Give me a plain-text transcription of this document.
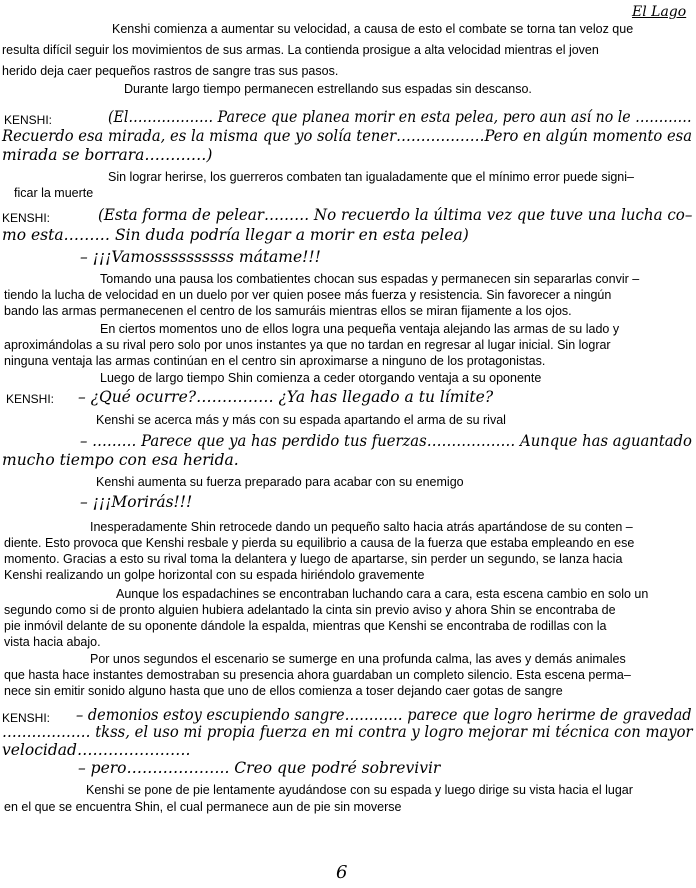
El Lago
Kenshi comienza a aumentar su velocidad, a causa de esto el combate se torna tan veloz que
resulta difícil seguir los movimientos de sus armas. La contienda prosigue a alta velocidad mientras el joven
herido deja caer pequeños rastros de sangre tras sus pasos.
Durante largo tiempo permanecen estrellando sus espadas sin descanso.
KENSHI:	(El……………… Parece que planea morir en esta pelea, pero aun así no le …………
Recuerdo esa mirada, es la misma que yo solía tener………………Pero en algún momento esa
mirada se borrara…………)
Sin lograr herirse, los guerreros combaten tan igualadamente que el mínimo error puede signi–
ficar la muerte
KENSHI:	(Esta forma de pelear……… No recuerdo la última vez que tuve una lucha co–
mo esta……… Sin duda podría llegar a morir en esta pelea)
– ¡¡¡Vamossssssssss mátame!!!
Tomando una pausa los combatientes chocan sus espadas y permanecen sin separarlas convir –
tiendo la lucha de velocidad en un duelo por ver quien posee más fuerza y resistencia. Sin favorecer a ningún
bando las armas permanecenen el centro de los samuráis mientras ellos se miran fijamente a los ojos.
En ciertos momentos uno de ellos logra una pequeña ventaja alejando las armas de su lado y
aproximándolas a su rival pero solo por unos instantes ya que no tardan en regresar al lugar inicial. Sin lograr
ninguna ventaja las armas continúan en el centro sin aproximarse a ninguno de los protagonistas.
Luego de largo tiempo Shin comienza a ceder otorgando ventaja a su oponente
KENSHI: – ¿Qué ocurre?…………… ¿Ya has llegado a tu límite?
Kenshi se acerca más y más con su espada apartando el arma de su rival
– ……… Parece que ya has perdido tus fuerzas……………… Aunque has aguantado
mucho tiempo con esa herida.
Kenshi aumenta su fuerza preparado para acabar con su enemigo
– ¡¡¡Morirás!!!
Inesperadamente Shin retrocede dando un pequeño salto hacia atrás apartándose de su conten –
diente. Esto provoca que Kenshi resbale y pierda su equilibrio a causa de la fuerza que estaba empleando en ese
momento. Gracias a esto su rival toma la delantera y luego de apartarse, sin perder un segundo, se lanza hacia
Kenshi realizando un golpe horizontal con su espada hiriéndolo gravemente
Aunque los espadachines se encontraban luchando cara a cara, esta escena cambio en solo un
segundo como si de pronto alguien hubiera adelantado la cinta sin previo aviso y ahora Shin se encontraba de
pie inmóvil delante de su oponente dándole la espalda, mientras que Kenshi se encontraba de rodillas con la
vista hacia abajo.
Por unos segundos el escenario se sumerge en una profunda calma, las aves y demás animales
que hasta hace instantes demostraban su presencia ahora guardaban un completo silencio. Esta escena perma–
nece sin emitir sonido alguno hasta que uno de ellos comienza a toser dejando caer gotas de sangre
KENSHI: – demonios estoy escupiendo sangre………… parece que logro herirme de gravedad
……………… tkss, el uso mi propia fuerza en mi contra y logro mejorar mi técnica con mayor
velocidad………………….
– pero……………….. Creo que podré sobrevivir
Kenshi se pone de pie lentamente ayudándose con su espada y luego dirige su vista hacia el lugar
en el que se encuentra Shin, el cual permanece aun de pie sin moverse
6
